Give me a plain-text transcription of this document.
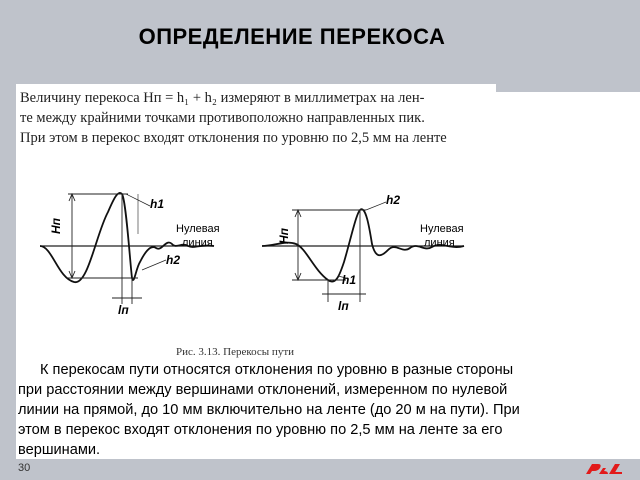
ОПРЕДЕЛЕНИЕ ПЕРЕКОСА
Величину перекоса Hп = h₁ + h₂ измеряют в миллиметрах на лен-
те между крайними точками противоположно направленных пик.
При этом в перекос входят отклонения по уровню по 2,5 мм на ленте
Hп
h1
h2
Нулевая
линия
lп
Hп
h2
h1
Нулевая
линия
lп
Рис. 3.13. Перекосы пути
К перекосам пути относятся отклонения по уровню в разные стороны
при расстоянии между вершинами отклонений, измеренном по нулевой
линии на прямой, до 10 мм включительно на ленте (до 20 м на пути). При
этом в перекос входят отклонения по уровню по 2,5 мм на ленте за его
вершинами.
30
